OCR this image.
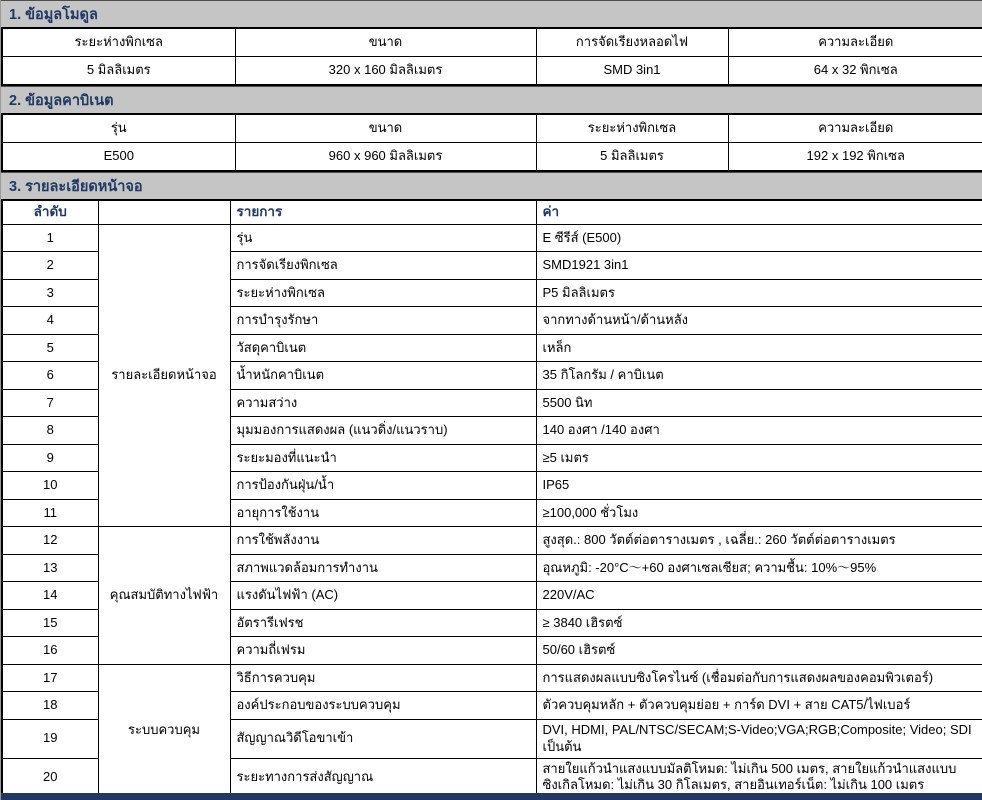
1. ข้อมูลโมดูล
ระยะห่างพิกเซล	ขนาด	การจัดเรียงหลอดไฟ	ความละเอียด
5 มิลลิเมตร	320 x 160 มิลลิเมตร	SMD 3in1	64 x 32 พิกเซล
2. ข้อมูลคาบิเนต
รุ่น	ขนาด	ระยะห่างพิกเซล	ความละเอียด
E500	960 x 960 มิลลิเมตร	5 มิลลิเมตร	192 x 192 พิกเซล
3. รายละเอียดหน้าจอ
ลำดับ		รายการ	ค่า
1	รายละเอียดหน้าจอ	รุ่น	E ซีรีส์ (E500)
2		การจัดเรียงพิกเซล	SMD1921 3in1
3		ระยะห่างพิกเซล	P5 มิลลิเมตร
4		การบำรุงรักษา	จากทางด้านหน้า/ด้านหลัง
5		วัสดุคาบิเนต	เหล็ก
6		น้ำหนักคาบิเนต	35 กิโลกรัม / คาบิเนต
7		ความสว่าง	5500 นิท
8		มุมมองการแสดงผล (แนวดิ่ง/แนวราบ)	140 องศา /140 องศา
9		ระยะมองที่แนะนำ	≥5 เมตร
10		การป้องกันฝุ่น/น้ำ	IP65
11		อายุการใช้งาน	≥100,000 ชั่วโมง
12	คุณสมบัติทางไฟฟ้า	การใช้พลังงาน	สูงสุด.: 800 วัตต์ต่อตารางเมตร , เฉลี่ย.: 260 วัตต์ต่อตารางเมตร
13		สภาพแวดล้อมการทำงาน	อุณหภูมิ: -20°C～+60 องศาเซลเซียส; ความชื้น: 10%～95%
14		แรงดันไฟฟ้า (AC)	220V/AC
15		อัตรารีเฟรช	≥ 3840 เฮิรตซ์
16		ความถี่เฟรม	50/60 เฮิรตซ์
17	ระบบควบคุม	วิธีการควบคุม	การแสดงผลแบบซิงโครไนซ์ (เชื่อมต่อกับการแสดงผลของคอมพิวเตอร์)
18		องค์ประกอบของระบบควบคุม	ตัวควบคุมหลัก + ตัวควบคุมย่อย + การ์ด DVI + สาย CAT5/ไฟเบอร์
19		สัญญาณวิดีโอขาเข้า	DVI, HDMI, PAL/NTSC/SECAM;S-Video;VGA;RGB;Composite; Video; SDI เป็นต้น
20		ระยะทางการส่งสัญญาณ	สายใยแก้วนำแสงแบบมัลติโหมด: ไม่เกิน 500 เมตร, สายใยแก้วนำแสงแบบซิงเกิลโหมด: ไม่เกิน 30 กิโลเมตร, สายอินเทอร์เน็ต: ไม่เกิน 100 เมตร
